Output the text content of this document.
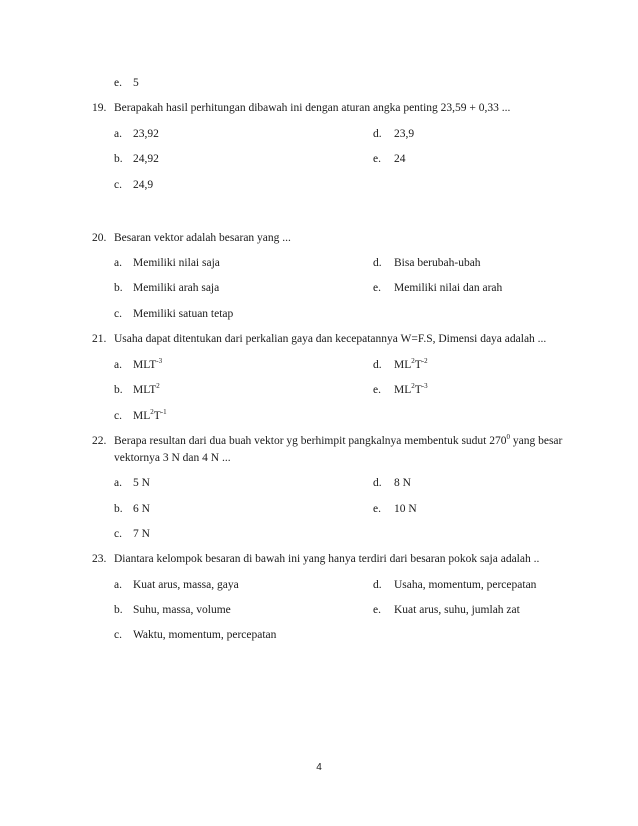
e. 5
19. Berapakah hasil perhitungan dibawah ini dengan aturan angka penting 23,59 + 0,33 ...
a. 23,92	d. 23,9
b. 24,92	e. 24
c. 24,9
20. Besaran vektor adalah besaran yang ...
a. Memiliki nilai saja	d. Bisa berubah-ubah
b. Memiliki arah saja	e. Memiliki nilai dan arah
c. Memiliki satuan tetap
21. Usaha dapat ditentukan dari perkalian gaya dan kecepatannya W=F.S, Dimensi daya adalah ...
a. $MLT^{-3}$	d. $ML^2T^{-2}$
b. MLT$^2$	e. $ML^2T^{-3}$
c. $ML^2T^{-1}$
22. Berapa resultan dari dua buah vektor yg berhimpit pangkalnya membentuk sudut $270^0$ yang besar
vektornya 3 N dan 4 N ...
a. 5 N	d. 8 N
b. 6 N	e. 10 N
c. 7 N
23. Diantara kelompok besaran di bawah ini yang hanya terdiri dari besaran pokok saja adalah ..
a. Kuat arus, massa, gaya	d. Usaha, momentum, percepatan
b. Suhu, massa, volume	e. Kuat arus, suhu, jumlah zat
c. Waktu, momentum, percepatan
4
